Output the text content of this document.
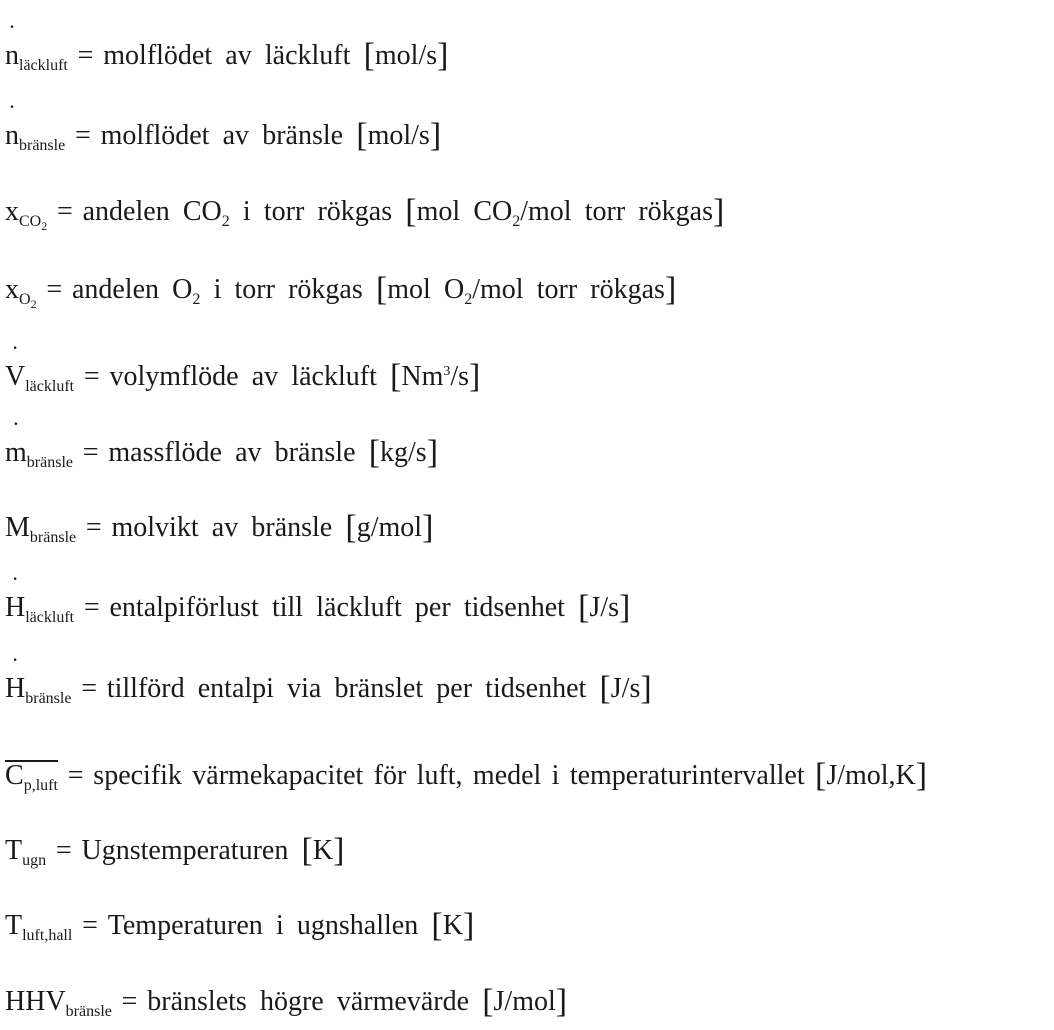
· $n_{läckluft}$ = molflödet av läckluft [mol/s]
· $n_{bränsle}$ = molflödet av bränsle [mol/s]
$x_{CO_2}$ = andelen $CO_2$ i torr rökgas [mol $CO_2$/mol torr rökgas]
$x_{O_2}$ = andelen $O_2$ i torr rökgas [mol $O_2$/mol torr rökgas]
· $V_{läckluft}$ = volymflöde av läckluft $[Nm^3/s]$
· $m_{bränsle}$ = massflöde av bränsle [kg/s]
$M_{bränsle}$ = molvikt av bränsle [g/mol]
· $H_{läckluft}$ = entalpiförlust till läckluft per tidsenhet [J/s]
· $H_{bränsle}$ = tillförd entalpi via bränslet per tidsenhet [J/s]
$C_{p,luft}$ = specifik värmekapacitet för luft, medel i temperaturintervallet [J/mol,K]
$T_{ugn}$ = Ugnstemperaturen [K]
$T_{luft,hall}$ = Temperaturen i ugnshallen [K]
$HHV_{bränsle}$ = bränslets högre värmevärde [J/mol]
